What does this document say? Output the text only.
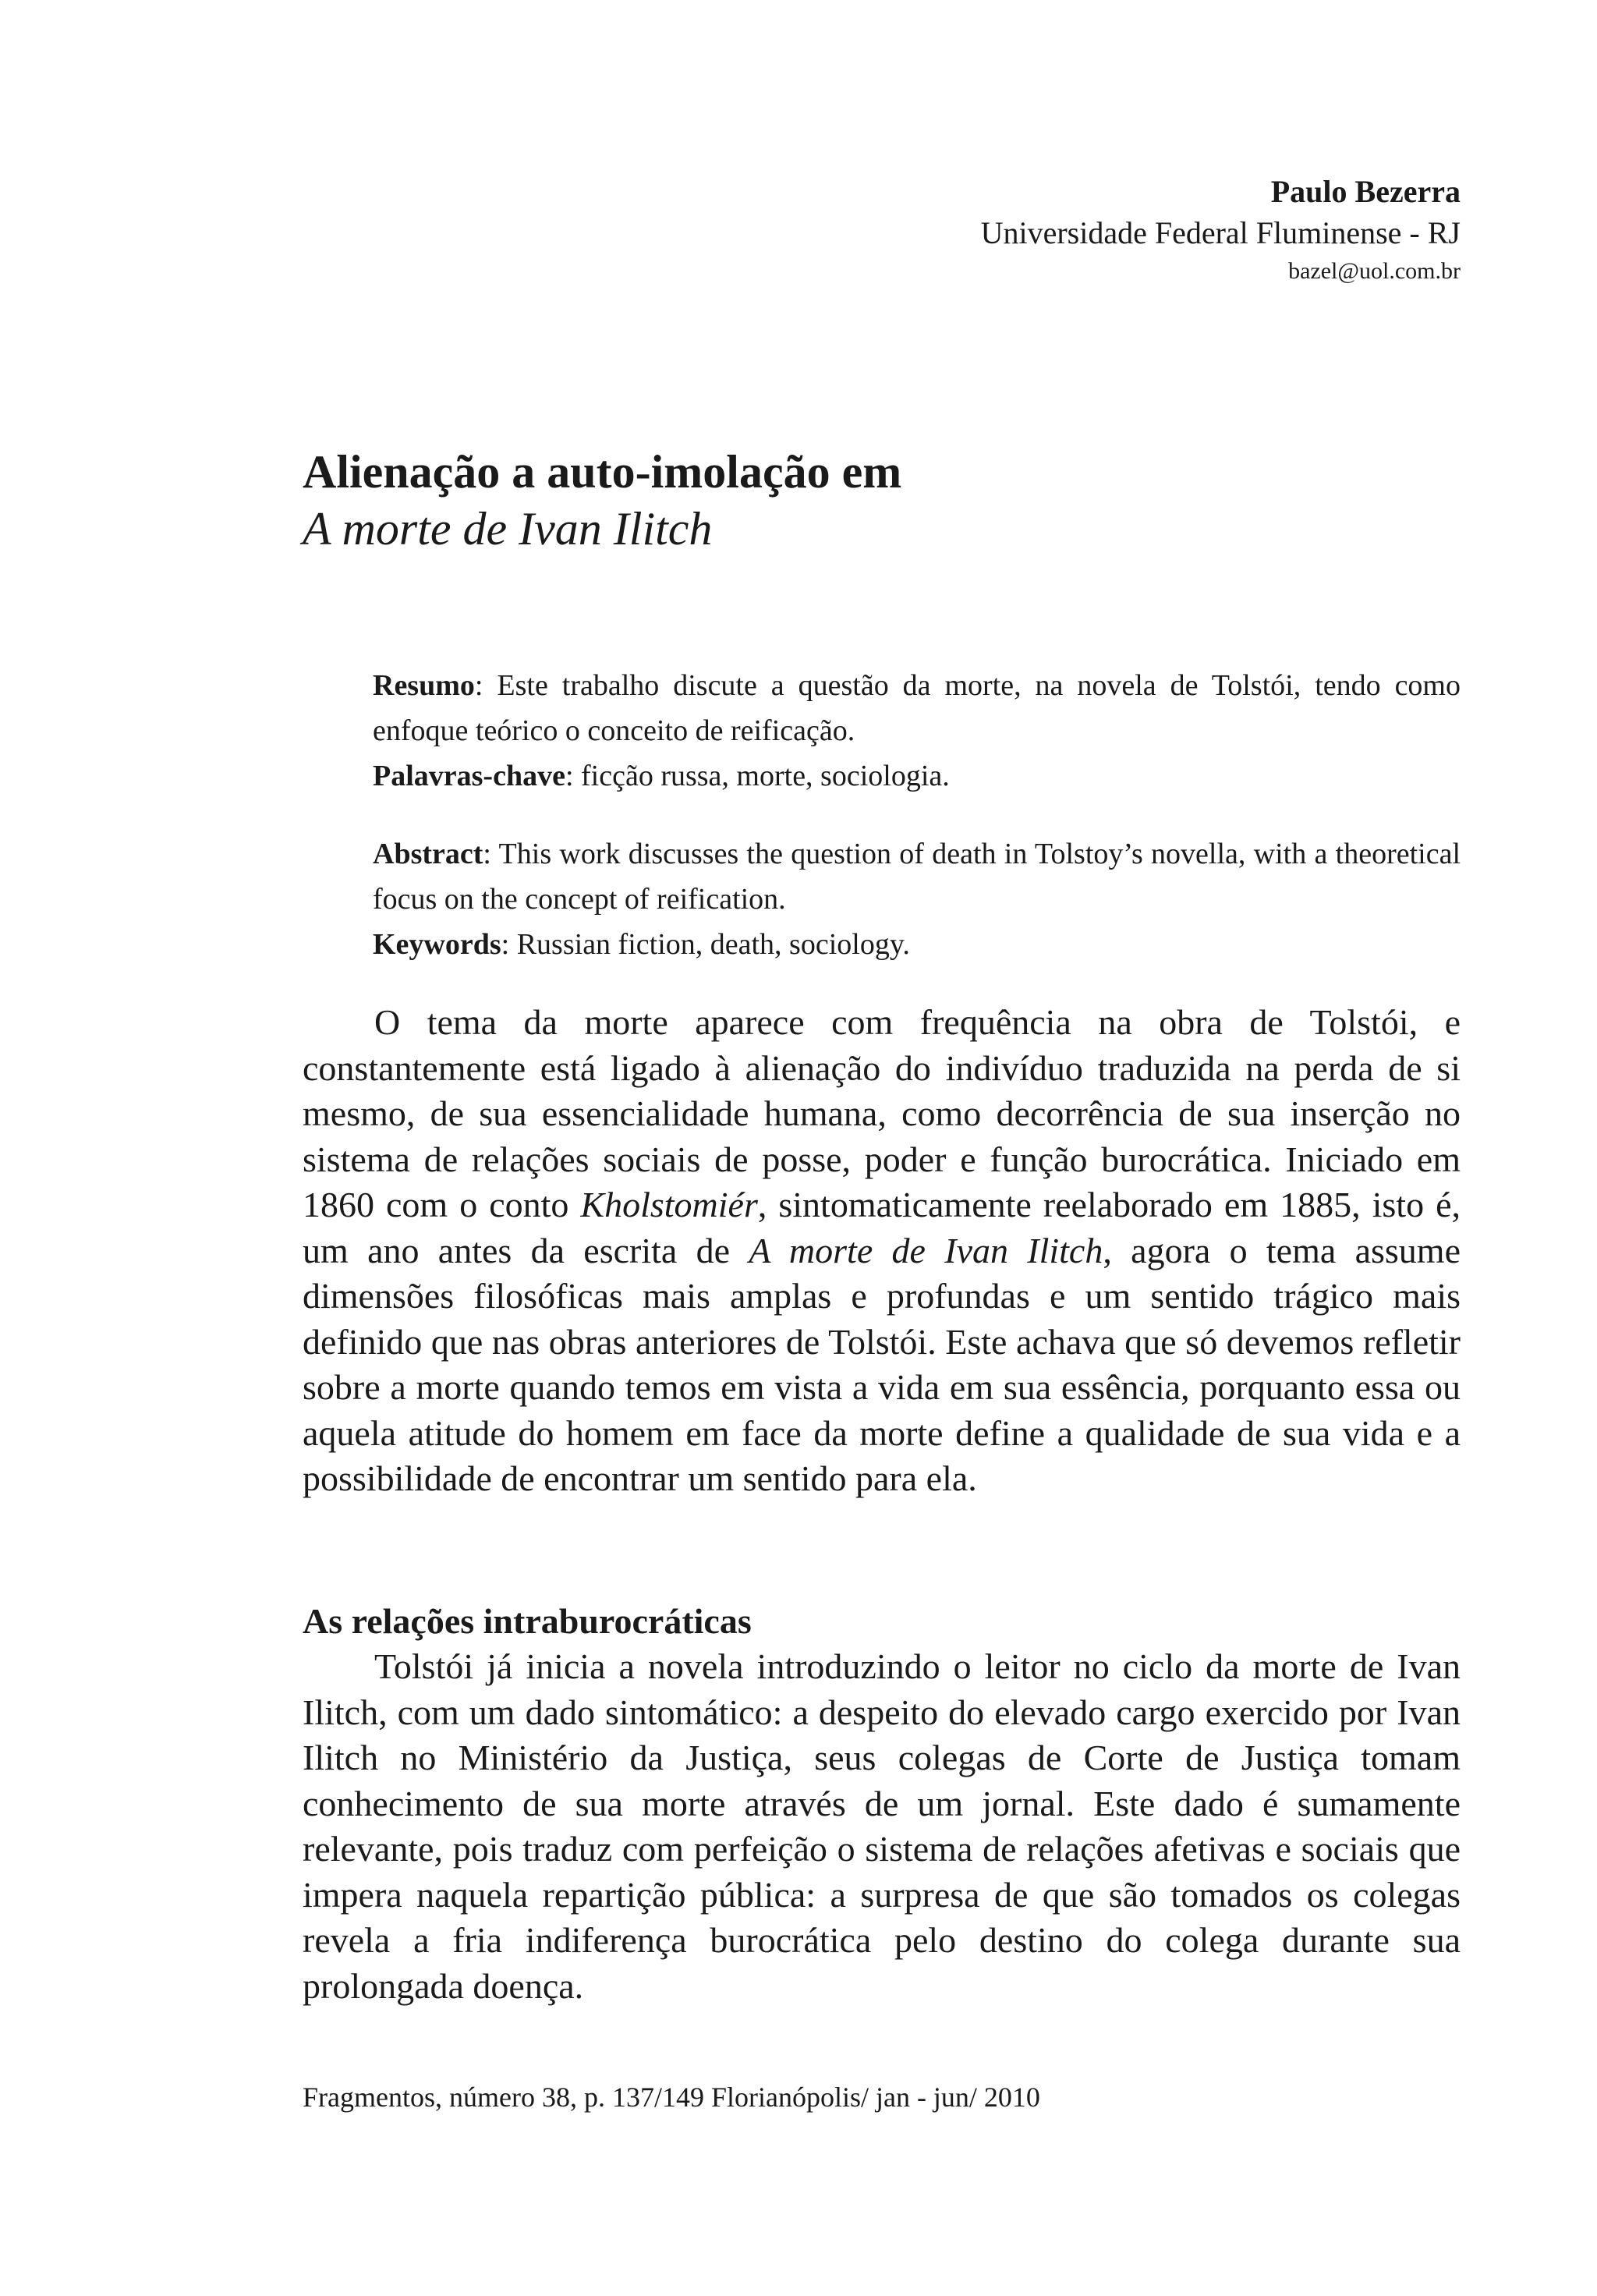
Paulo Bezerra
Universidade Federal Fluminense - RJ
bazel@uol.com.br
Alienação a auto-imolação em
A morte de Ivan Ilitch

Resumo: Este trabalho discute a questão da morte, na novela de Tolstói, tendo como enfoque teórico o conceito de reificação.

Palavras-chave: ficção russa, morte, sociologia.

Abstract: This work discusses the question of death in Tolstoy’s novella, with a theoretical focus on the concept of reification.

Keywords: Russian fiction, death, sociology.

O tema da morte aparece com frequência na obra de Tolstói, e constantemente está ligado à alienação do indivíduo traduzida na perda de si mesmo, de sua essencialidade humana, como decorrência de sua inserção no sistema de relações sociais de posse, poder e função burocrática. Iniciado em 1860 com o conto Kholstomiér, sintomaticamente reelaborado em 1885, isto é, um ano antes da escrita de A morte de Ivan Ilitch, agora o tema assume dimensões filosóficas mais amplas e profundas e um sentido trágico mais definido que nas obras anteriores de Tolstói. Este achava que só devemos refletir sobre a morte quando temos em vista a vida em sua essência, porquanto essa ou aquela atitude do homem em face da morte define a qualidade de sua vida e a possibilidade de encontrar um sentido para ela.

As relações intraburocráticas

Tolstói já inicia a novela introduzindo o leitor no ciclo da morte de Ivan Ilitch, com um dado sintomático: a despeito do elevado cargo exercido por Ivan Ilitch no Ministério da Justiça, seus colegas de Corte de Justiça tomam conhecimento de sua morte através de um jornal. Este dado é sumamente relevante, pois traduz com perfeição o sistema de relações afetivas e sociais que impera naquela repartição pública: a surpresa de que são tomados os colegas revela a fria indiferença burocrática pelo destino do colega durante sua prolongada doença.

Fragmentos, número 38, p. 137/149 Florianópolis/ jan - jun/ 2010
